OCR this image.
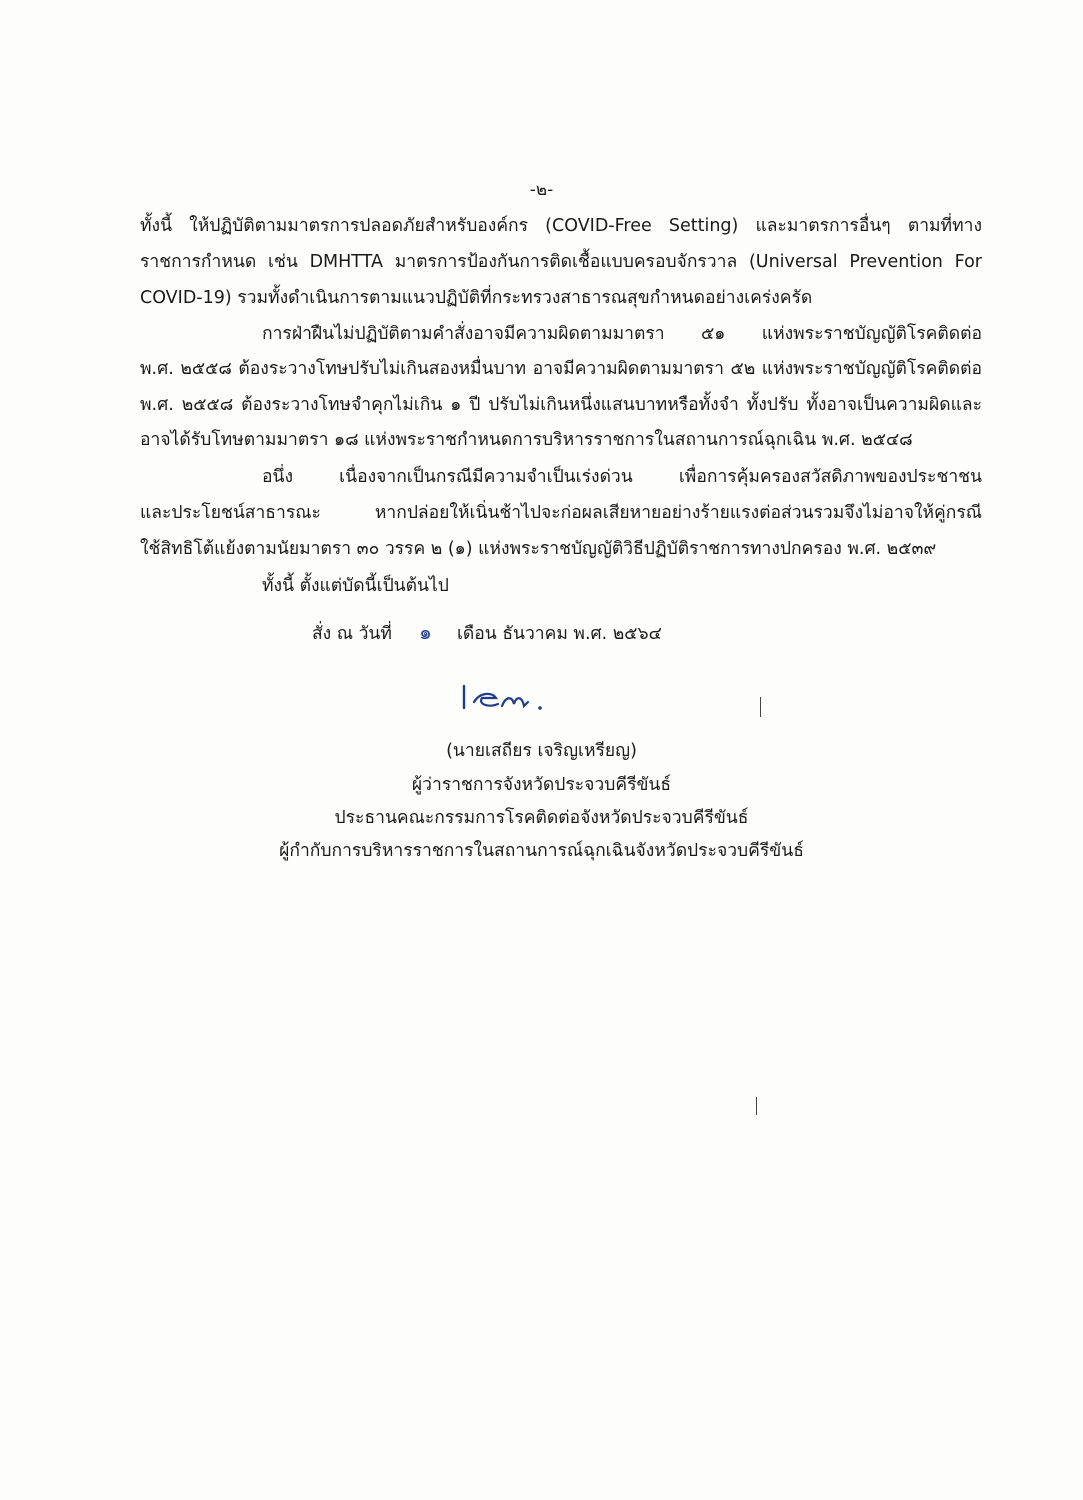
-๒-
ทั้งนี้ ให้ปฏิบัติตามมาตรการปลอดภัยสำหรับองค์กร (COVID-Free Setting) และมาตรการอื่นๆ ตามที่ทาง
ราชการกำหนด เช่น DMHTTA มาตรการป้องกันการติดเชื้อแบบครอบจักรวาล (Universal Prevention For
COVID-19) รวมทั้งดำเนินการตามแนวปฏิบัติที่กระทรวงสาธารณสุขกำหนดอย่างเคร่งครัด
การฝ่าฝืนไม่ปฏิบัติตามคำสั่งอาจมีความผิดตามมาตรา ๕๑ แห่งพระราชบัญญัติโรคติดต่อ
พ.ศ. ๒๕๕๘ ต้องระวางโทษปรับไม่เกินสองหมื่นบาท อาจมีความผิดตามมาตรา ๕๒ แห่งพระราชบัญญัติโรคติดต่อ
พ.ศ. ๒๕๕๘ ต้องระวางโทษจำคุกไม่เกิน ๑ ปี ปรับไม่เกินหนึ่งแสนบาทหรือทั้งจำ ทั้งปรับ ทั้งอาจเป็นความผิดและ
อาจได้รับโทษตามมาตรา ๑๘ แห่งพระราชกำหนดการบริหารราชการในสถานการณ์ฉุกเฉิน พ.ศ. ๒๕๔๘
อนึ่ง เนื่องจากเป็นกรณีมีความจำเป็นเร่งด่วน เพื่อการคุ้มครองสวัสดิภาพของประชาชน
และประโยชน์สาธารณะ หากปล่อยให้เนิ่นช้าไปจะก่อผลเสียหายอย่างร้ายแรงต่อส่วนรวมจึงไม่อาจให้คู่กรณี
ใช้สิทธิโต้แย้งตามนัยมาตรา ๓๐ วรรค ๒ (๑) แห่งพระราชบัญญัติวิธีปฏิบัติราชการทางปกครอง พ.ศ. ๒๕๓๙
ทั้งนี้ ตั้งแต่บัดนี้เป็นต้นไป
สั่ง ณ วันที่ ๑ เดือน ธันวาคม พ.ศ. ๒๕๖๔
(นายเสถียร เจริญเหรียญ)
ผู้ว่าราชการจังหวัดประจวบคีรีขันธ์
ประธานคณะกรรมการโรคติดต่อจังหวัดประจวบคีรีขันธ์
ผู้กำกับการบริหารราชการในสถานการณ์ฉุกเฉินจังหวัดประจวบคีรีขันธ์
